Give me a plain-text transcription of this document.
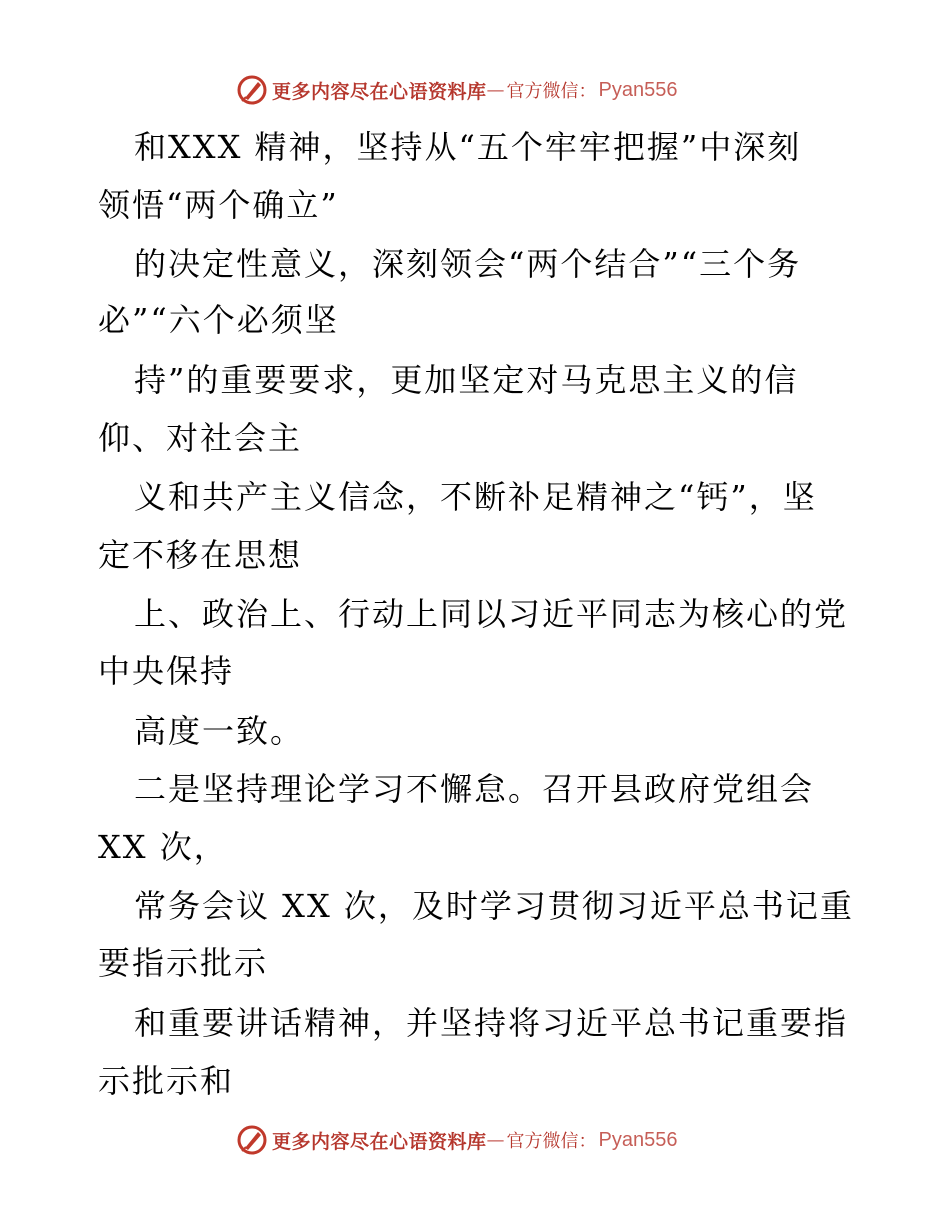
更多内容尽在心语资料库 — 官方微信： Pyan556
和XXX 精神，坚持从“五个牢牢把握”中深刻
领悟“两个确立”
的决定性意义，深刻领会“两个结合”“三个务
必”“六个必须坚
持”的重要要求，更加坚定对马克思主义的信
仰、对社会主
义和共产主义信念，不断补足精神之“钙”，坚
定不移在思想
上、政治上、行动上同以习近平同志为核心的党
中央保持
高度一致。
二是坚持理论学习不懈怠。召开县政府党组会
XX 次，
常务会议 XX 次，及时学习贯彻习近平总书记重
要指示批示
和重要讲话精神，并坚持将习近平总书记重要指
示批示和
更多内容尽在心语资料库 — 官方微信： Pyan556
